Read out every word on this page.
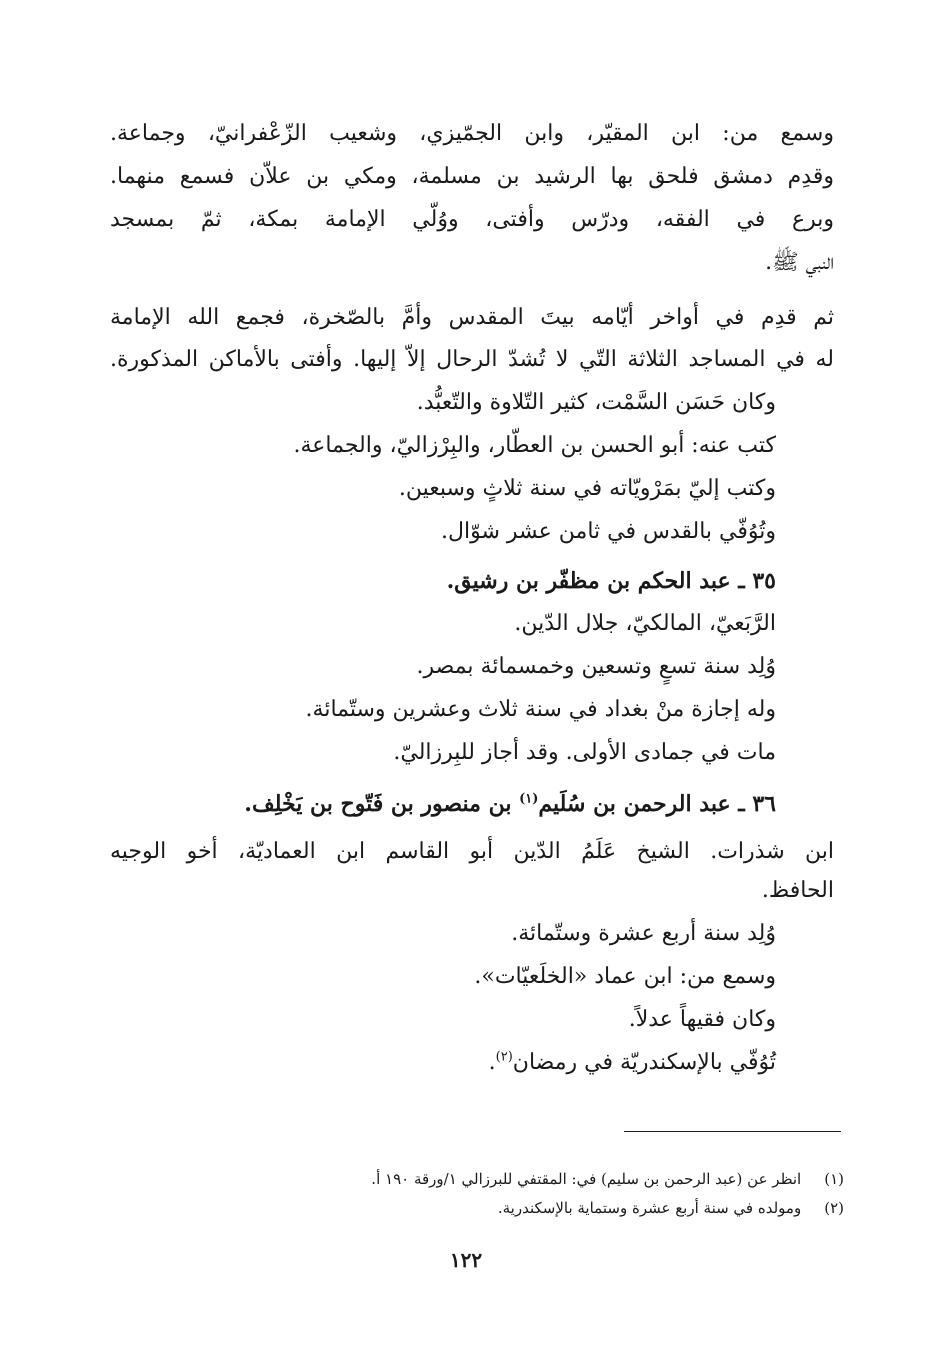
وسمع من: ابن المقيّر، وابن الجمّيزي، وشعيب الزّعْفرانيّ، وجماعة.
وقدِم دمشق فلحق بها الرشيد بن مسلمة، ومكي بن علاّن فسمع منهما.
وبرع في الفقه، ودرّس وأفتى، ووُلّي الإمامة بمكة، ثمّ بمسجد
النبي ﷺ.
ثم قدِم في أواخر أيّامه بيتَ المقدس وأمَّ بالصّخرة، فجمع الله الإمامة
له في المساجد الثلاثة التّي لا تُشدّ الرحال إلاّ إليها. وأفتى بالأماكن المذكورة.
وكان حَسَن السَّمْت، كثير التّلاوة والتّعبُّد.
كتب عنه: أبو الحسن بن العطّار، والبِرْزاليّ، والجماعة.
وكتب إليّ بمَرْويّاته في سنة ثلاثٍ وسبعين.
وتُوُفّي بالقدس في ثامن عشر شوّال.
٣٥ ـ عبد الحكم بن مظفّر بن رشيق.
الرَّبَعيّ، المالكيّ، جلال الدّين.
وُلِد سنة تسعٍ وتسعين وخمسمائة بمصر.
وله إجازة منْ بغداد في سنة ثلاث وعشرين وستّمائة.
مات في جمادى الأولى. وقد أجاز للبِرزاليّ.
٣٦ ـ عبد الرحمن بن سُلَيم$^{(١)}$ بن منصور بن فَتّوح بن يَخْلِف.
ابن شذرات. الشيخ عَلَمُ الدّين أبو القاسم ابن العماديّة، أخو الوجيه
الحافظ.
وُلِد سنة أربع عشرة وستّمائة.
وسمع من: ابن عماد «الخلَعيّات».
وكان فقيهاً عدلاً.
تُوُفّي بالإسكندريّة في رمضان$^{(٢)}$.
(١) انظر عن (عبد الرحمن بن سليم) في: المقتفي للبرزالي ١/ورقة ١٩٠ أ.
(٢) ومولده في سنة أربع عشرة وستماية بالإسكندرية.
١٢٢
